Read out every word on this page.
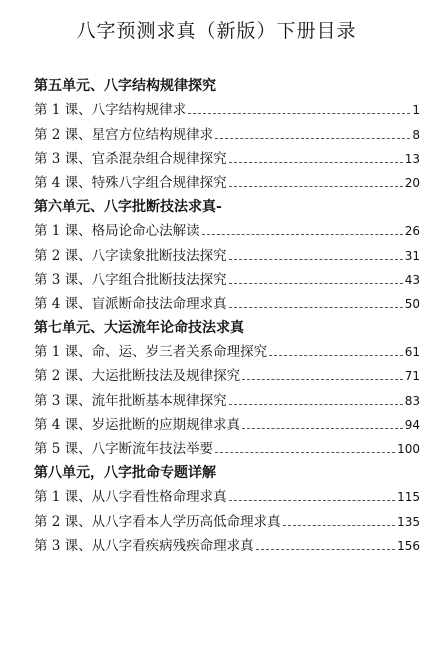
八字预测求真（新版）下册目录
第五单元、八字结构规律探究
第 1 课、八字结构规律求	1
第 2 课、星宫方位结构规律求	8
第 3 课、官杀混杂组合规律探究	13
第 4 课、特殊八字组合规律探究	20
第六单元、八字批断技法求真-
第 1 课、格局论命心法解读	26
第 2 课、八字读象批断技法探究	31
第 3 课、八字组合批断技法探究	43
第 4 课、盲派断命技法命理求真	50
第七单元、大运流年论命技法求真
第 1 课、命、运、岁三者关系命理探究	61
第 2 课、大运批断技法及规律探究	71
第 3 课、流年批断基本规律探究	83
第 4 课、岁运批断的应期规律求真	94
第 5 课、八字断流年技法举要	100
第八单元，八字批命专题详解
第 1 课、从八字看性格命理求真	115
第 2 课、从八字看本人学历高低命理求真	135
第 3 课、从八字看疾病残疾命理求真	156
